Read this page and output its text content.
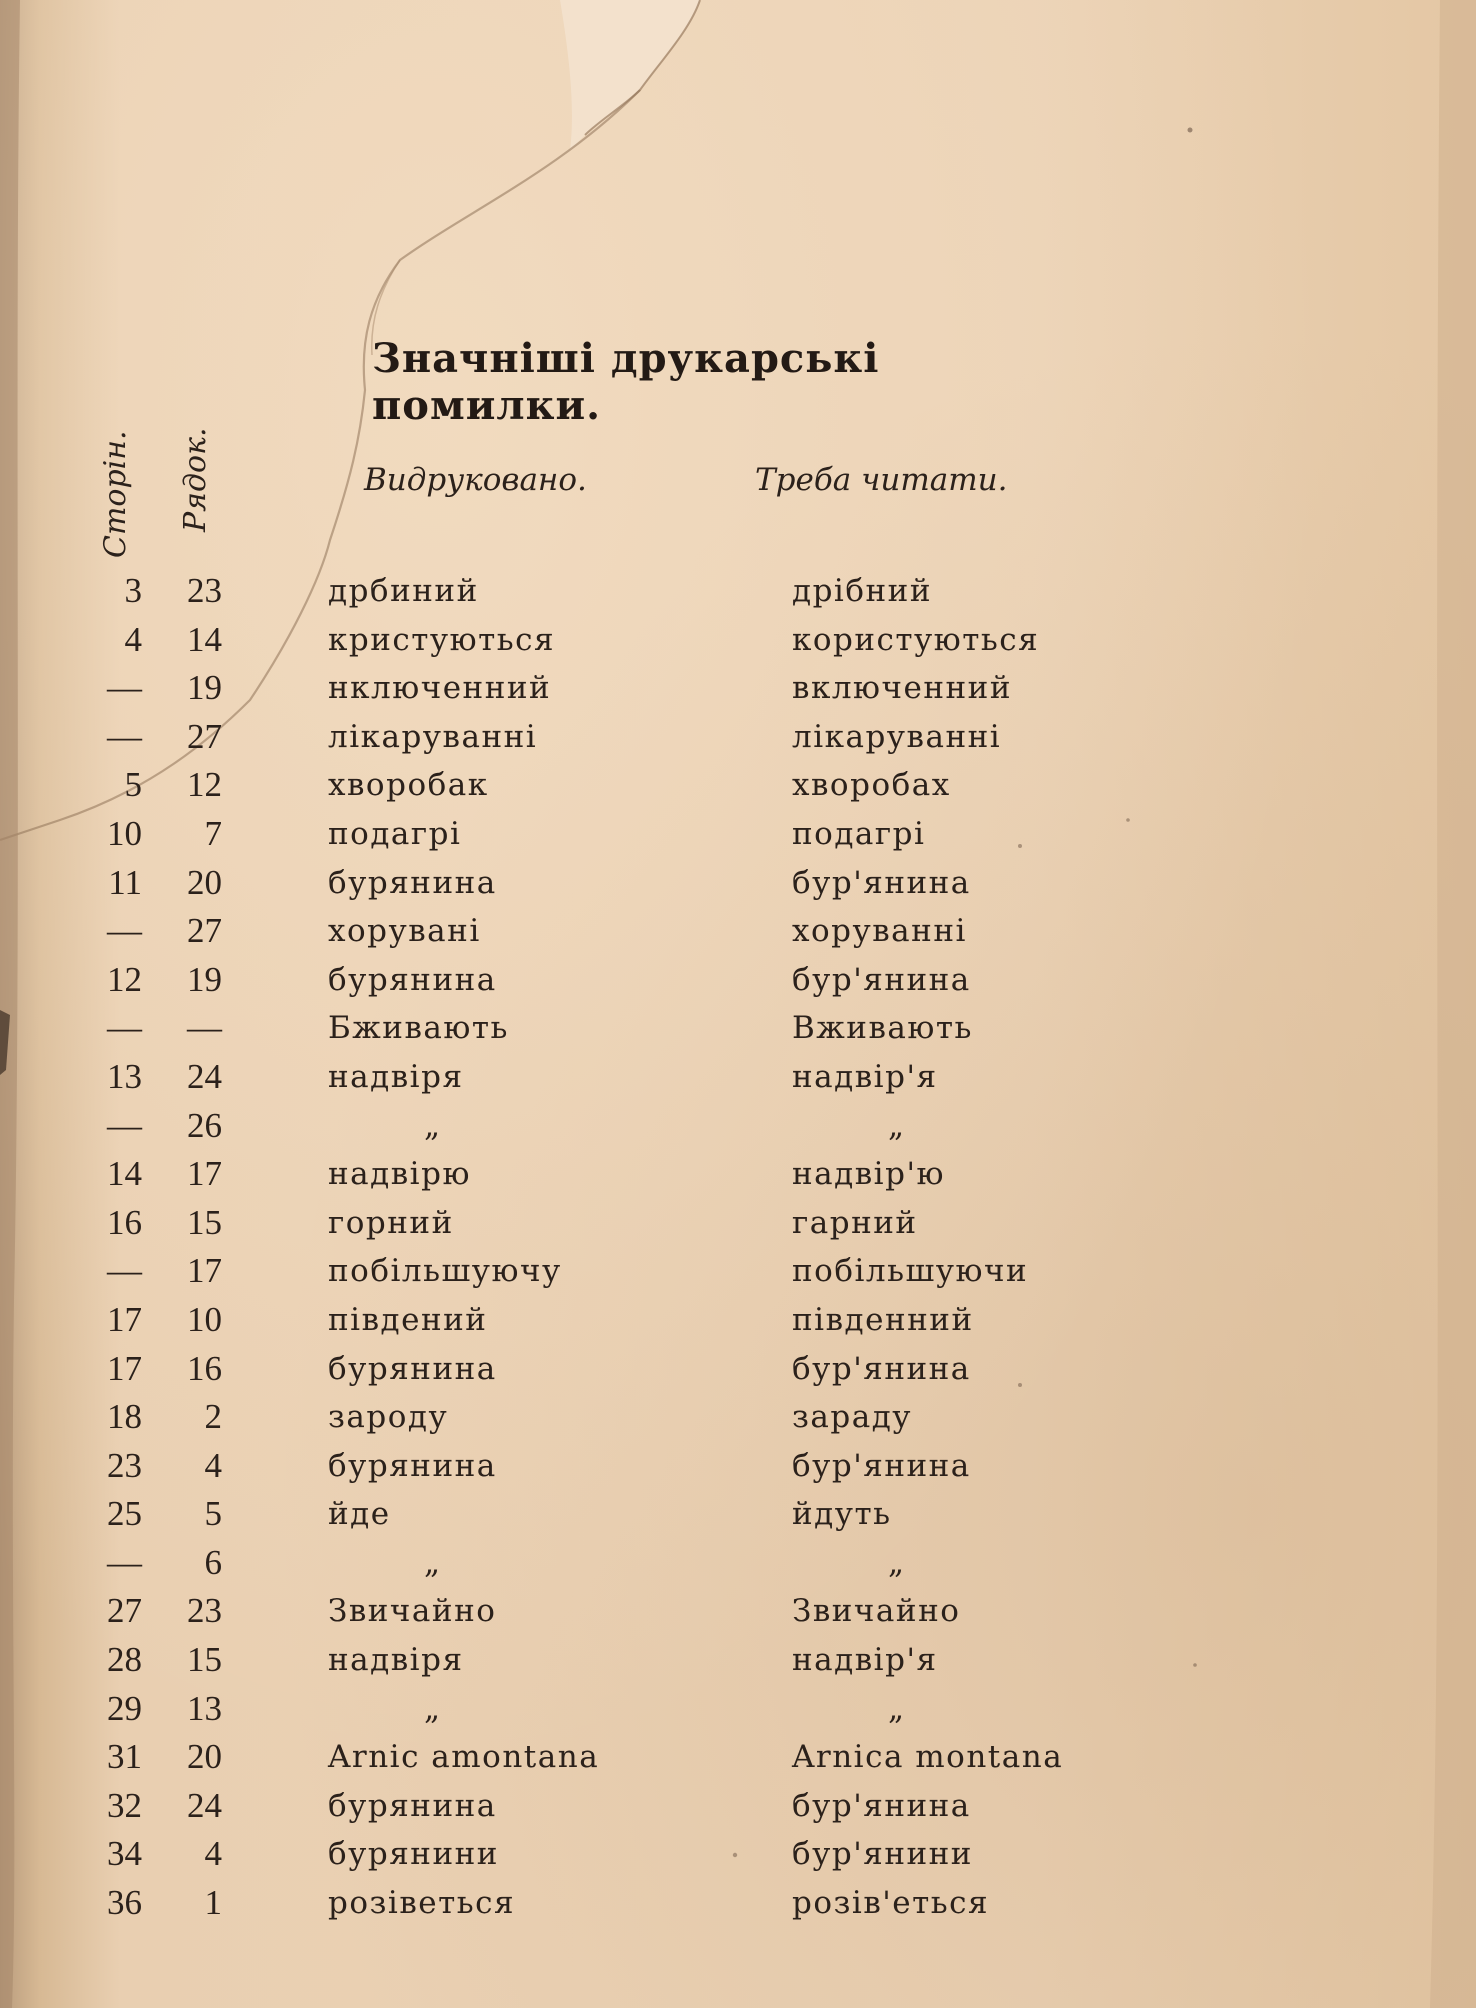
Значніші друкарські помилки.
Сторін. Рядок.	Видруковано.	Треба читати.
3	23	дрбиний	дрібний
4	14	кристуються	користуються
—	19	нключенний	включенний
—	27	лікаруванні	лікаруванні
5	12	хворобак	хворобах
10	7	подагрі	подагрі
11	20	бурянина	бур'янина
—	27	хорувані	хоруванні
12	19	бурянина	бур'янина
—	—	Бживають	Вживають
13	24	надвіря	надвір'я
—	26	„	„
14	17	надвірю	надвір'ю
16	15	горний	гарний
—	17	побільшуючу	побільшуючи
17	10	південий	південний
17	16	бурянина	бур'янина
18	2	зароду	зараду
23	4	бурянина	бур'янина
25	5	йде	йдуть
—	6	„	„
27	23	Звичайно	Звичайно
28	15	надвіря	надвір'я
29	13	„	„
31	20	Arnic amontana	Arnica montana
32	24	бурянина	бур'янина
34	4	бурянини	бур'янини
36	1	розіветься	розів'еться
